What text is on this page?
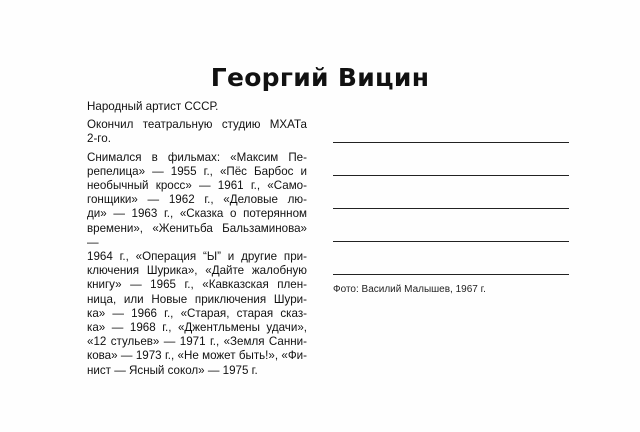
Георгий Вицин

Народный артист СССР.

Окончил театральную студию МХАТа
2-го.

Снимался в фильмах: «Максим Пе-
репелица» — 1955 г., «Пёс Барбос и
необычный кросс» — 1961 г., «Само-
гонщики» — 1962 г., «Деловые лю-
ди» — 1963 г., «Сказка о потерянном
времени», «Женитьба Бальзаминова» —
1964 г., «Операция “Ы” и другие при-
ключения Шурика», «Дайте жалобную
книгу» — 1965 г., «Кавказская плен-
ница, или Новые приключения Шури-
ка» — 1966 г., «Старая, старая сказ-
ка» — 1968 г., «Джентльмены удачи»,
«12 стульев» — 1971 г., «Земля Санни-
кова» — 1973 г., «Не может быть!», «Фи-
нист — Ясный сокол» — 1975 г.

Фото: Василий Малышев, 1967 г.
